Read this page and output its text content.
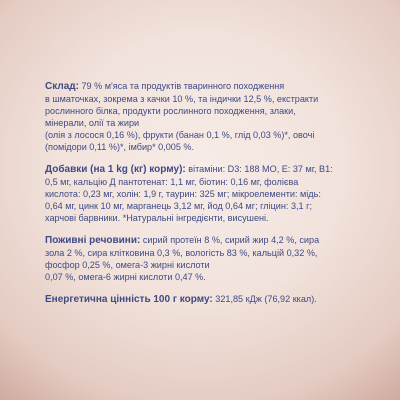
Склад: 79 % м'яса та продуктів тваринного походження

в шматочках, зокрема з качки 10 %, та індички 12,5 %, екстракти

рослинного білка, продукти рослинного походження, злаки,

мінерали, олії та жири

(олія з лосося 0,16 %), фрукти (банан 0,1 %, глід 0,03 %)*, овочі

(помідори 0,11 %)*, імбир* 0,005 %.

Добавки (на 1 kg (кг) корму): вітаміни: D3: 188 МО, E: 37 мг, B1:

0,5 мг, кальцію Д пантотенат: 1,1 мг, біотин: 0,16 мг, фолієва

кислота: 0,23 мг, холін: 1,9 г, таурин: 325 мг; мікроелементи: мідь:

0,64 мг, цинк 10 мг, марганець 3,12 мг, йод 0,64 мг; гліцин: 3,1 г;

харчові барвники. *Натуральні інгредієнти, висушені.

Поживні речовини: сирий протеїн 8 %, сирий жир 4,2 %, сира

зола 2 %, сира клітковина 0,3 %, вологість 83 %, кальцій 0,32 %,

фосфор 0,25 %, омега-3 жирні кислоти

0,07 %, омега-6 жирні кислоти 0,47 %.

Енергетична цінність 100 г корму: 321,85 кДж (76,92 ккал).
